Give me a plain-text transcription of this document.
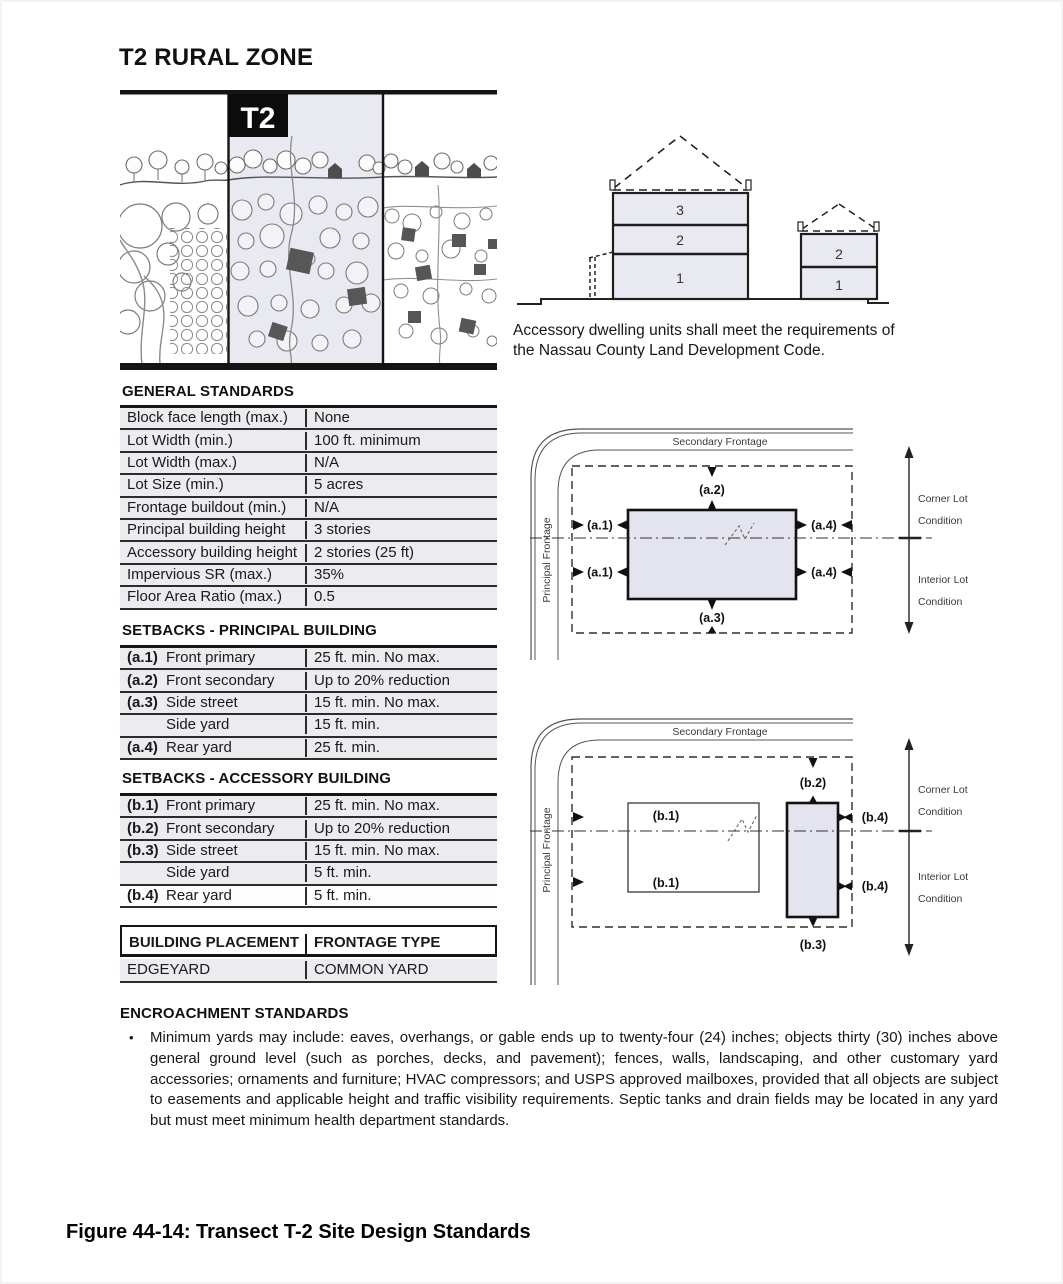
T2 RURAL ZONE
T2
3
2
1
2
1
Accessory dwelling units shall meet the requirements of the Nassau County Land Development Code.
GENERAL STANDARDS
Block face length (max.)	None
Lot Width (min.)	100 ft. minimum
Lot Width (max.)	N/A
Lot Size (min.)	5 acres
Frontage buildout (min.)	N/A
Principal building height	3 stories
Accessory building height	2 stories (25 ft)
Impervious SR (max.)	35%
Floor Area Ratio (max.)	0.5
SETBACKS - PRINCIPAL BUILDING
(a.1) Front primary	25 ft. min. No max.
(a.2) Front secondary	Up to 20% reduction
(a.3) Side street	15 ft. min. No max.
Side yard	15 ft. min.
(a.4) Rear yard	25 ft. min.
SETBACKS - ACCESSORY BUILDING
(b.1) Front primary	25 ft. min. No max.
(b.2) Front secondary	Up to 20% reduction
(b.3) Side street	15 ft. min. No max.
Side yard	5 ft. min.
(b.4) Rear yard	5 ft. min.
BUILDING PLACEMENT	FRONTAGE TYPE
EDGEYARD	COMMON YARD
Secondary Frontage
Principal Frontage
Corner Lot
Condition
Interior Lot
Condition
(a.2)
(a.1)
(a.1)
(a.4)
(a.4)
(a.3)
Secondary Frontage
Principal Frontage
Corner Lot
Condition
Interior Lot
Condition
(b.2)
(b.1)
(b.1)
(b.4)
(b.4)
(b.3)
ENCROACHMENT STANDARDS
•	Minimum yards may include: eaves, overhangs, or gable ends up to twenty-four (24) inches; objects thirty (30) inches above general ground level (such as porches, decks, and pavement); fences, walls, landscaping, and other customary yard accessories; ornaments and furniture; HVAC compressors; and USPS approved mailboxes, provided that all objects are subject to easements and applicable height and traffic visibility requirements. Septic tanks and drain fields may be located in any yard but must meet minimum health department standards.
Figure 44-14: Transect T-2 Site Design Standards
